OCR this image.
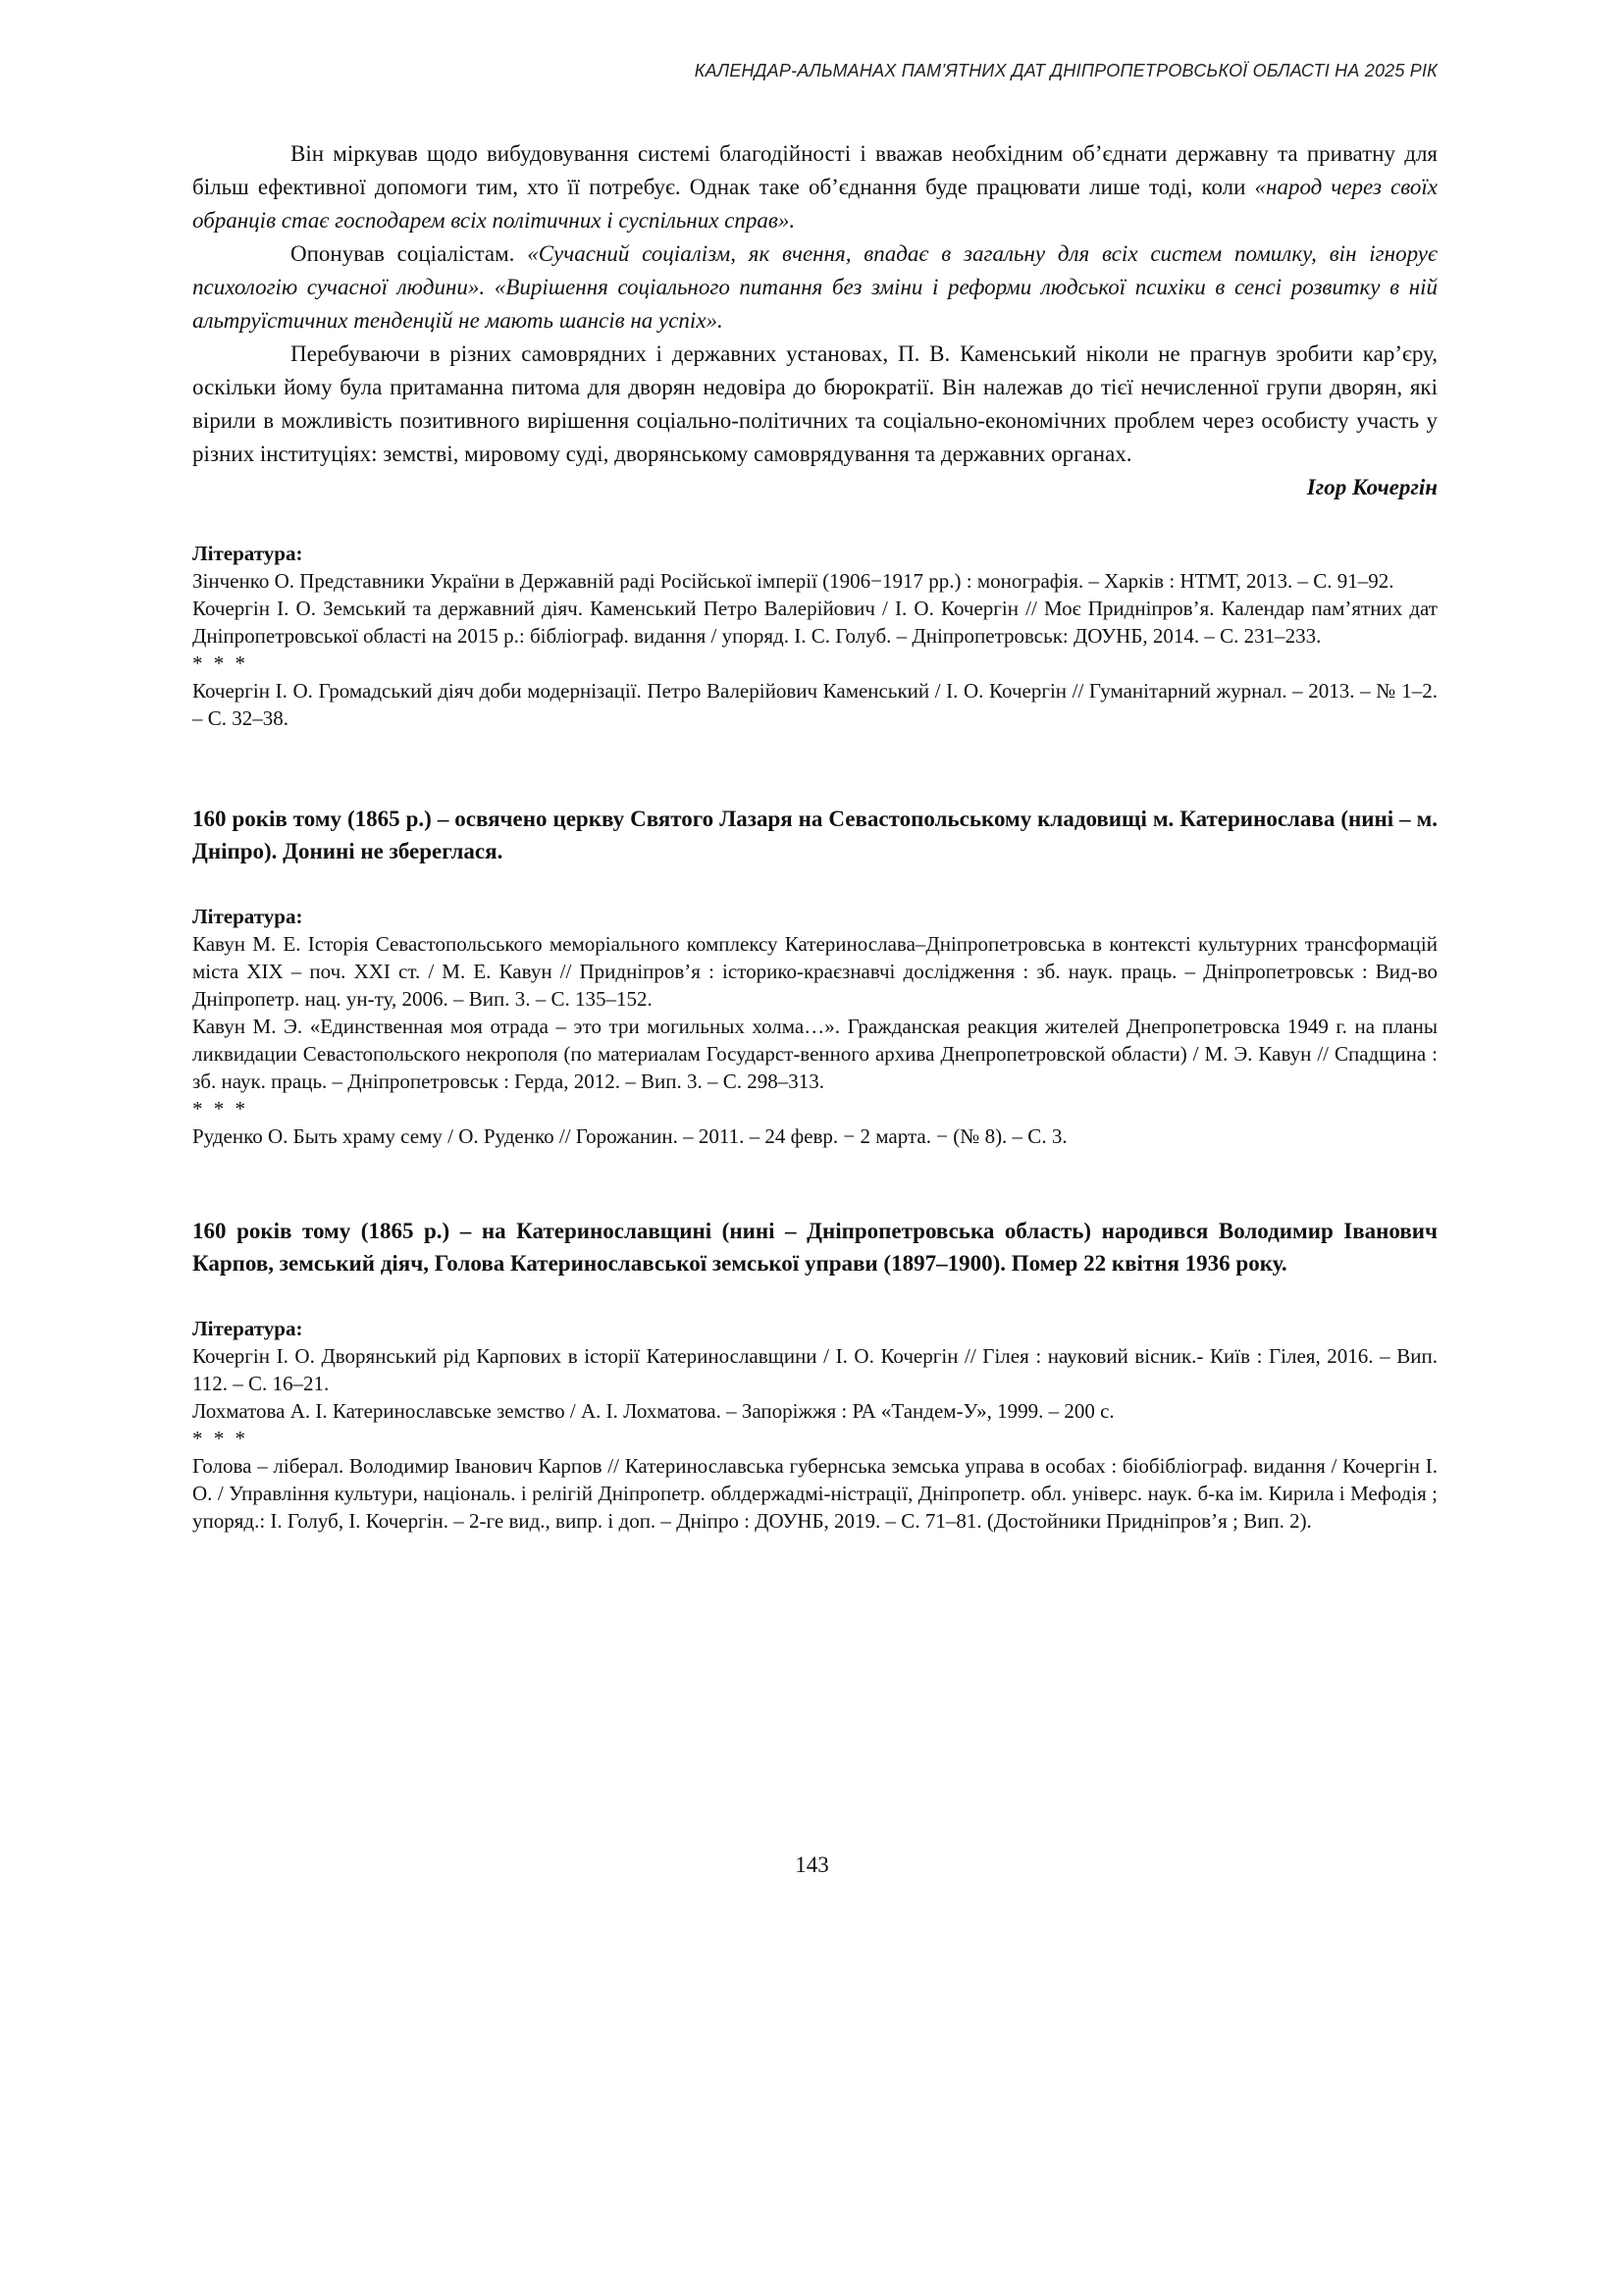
КАЛЕНДАР-АЛЬМАНАХ ПАМ’ЯТНИХ ДАТ ДНІПРОПЕТРОВСЬКОЇ ОБЛАСТІ НА 2025 РІК

Він міркував щодо вибудовування системі благодійності і вважав необхідним об’єднати державну та приватну для більш ефективної допомоги тим, хто її потребує. Однак таке об’єднання буде працювати лише тоді, коли «народ через своїх обранців стає господарем всіх політичних і суспільних справ».

Опонував соціалістам. «Сучасний соціалізм, як вчення, впадає в загальну для всіх систем помилку, він ігнорує психологію сучасної людини». «Вирішення соціального питання без зміни і реформи людської психіки в сенсі розвитку в ній альтруїстичних тенденцій не мають шансів на успіх».

Перебуваючи в різних самоврядних і державних установах, П. В. Каменський ніколи не прагнув зробити кар’єру, оскільки йому була притаманна питома для дворян недовіра до бюрократії. Він належав до тієї нечисленної групи дворян, які вірили в можливість позитивного вирішення соціально-політичних та соціально-економічних проблем через особисту участь у різних інституціях: земстві, мировому суді, дворянському самоврядування та державних органах.

Ігор Кочергін

Література:

Зінченко О. Представники України в Державній раді Російської імперії (1906−1917 рр.) : монографія. – Харків : НТМТ, 2013. – С. 91–92.

Кочергін І. О. Земський та державний діяч. Каменський Петро Валерійович / І. О. Кочергін // Моє Придніпров’я. Календар пам’ятних дат Дніпропетровської області на 2015 р.: бібліограф. видання / упоряд. І. С. Голуб. – Дніпропетровськ: ДОУНБ, 2014. – С. 231–233.

* * *

Кочергін І. О. Громадський діяч доби модернізації. Петро Валерійович Каменський / І. О. Кочергін // Гуманітарний журнал. – 2013. – № 1–2. – С. 32–38.

160 років тому (1865 р.) – освячено церкву Святого Лазаря на Севастопольському кладовищі м. Катеринослава (нині – м. Дніпро). Донині не збереглася.

Література:

Кавун М. Е. Історія Севастопольського меморіального комплексу Катеринослава–Дніпропетровська в контексті культурних трансформацій міста ХІХ – поч. ХХІ ст. / М. Е. Кавун // Придніпров’я : історико-краєзнавчі дослідження : зб. наук. праць. – Дніпропетровськ : Вид-во Дніпропетр. нац. ун-ту, 2006. – Вип. 3. – С. 135–152.

Кавун М. Э. «Единственная моя отрада – это три могильных холма…». Гражданская реакция жителей Днепропетровска 1949 г. на планы ликвидации Севастопольского некрополя (по материалам Государст-венного архива Днепропетровской области) / М. Э. Кавун // Спадщина : зб. наук. праць. – Дніпропетровськ : Герда, 2012. – Вип. 3. – С. 298–313.

* * *

Руденко О. Быть храму сему / О. Руденко // Горожанин. – 2011. – 24 февр. − 2 марта. − (№ 8). – С. 3.

160 років тому (1865 р.) – на Катеринославщині (нині – Дніпропетровська область) народився Володимир Іванович Карпов, земський діяч, Голова Катеринославської земської управи (1897–1900). Помер 22 квітня 1936 року.

Література:

Кочергін І. О. Дворянський рід Карпових в історії Катеринославщини / І. О. Кочергін // Гілея : науковий вісник.- Київ : Гілея, 2016. – Вип. 112. – С. 16–21.

Лохматова А. І. Катеринославське земство / А. І. Лохматова. – Запоріжжя : РА «Тандем-У», 1999. – 200 с.

* * *

Голова – ліберал. Володимир Іванович Карпов // Катеринославська губернська земська управа в особах : біобібліограф. видання / Кочергін І. О. / Управління культури, національ. і релігій Дніпропетр. облдержадмі-ністрації, Дніпропетр. обл. універс. наук. б-ка ім. Кирила і Мефодія ; упоряд.: І. Голуб, І. Кочергін. – 2-ге вид., випр. і доп. – Дніпро : ДОУНБ, 2019. – С. 71–81. (Достойники Придніпров’я ; Вип. 2).

143
